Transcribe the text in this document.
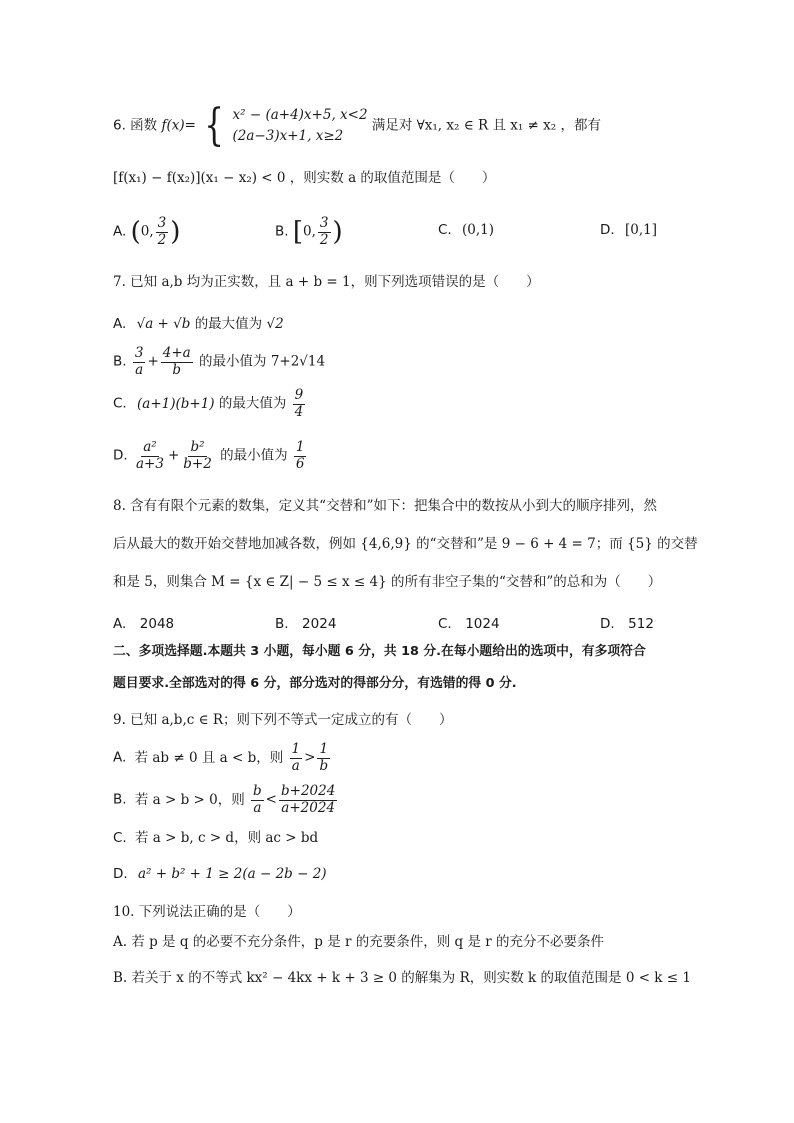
6. 函数 f(x)= { x² − (a+4)x+5, x<2
(2a−3)x+1, x≥2
满足对 ∀x₁, x₂ ∈ R 且 x₁ ≠ x₂ ，都有
[f(x₁) − f(x₂)](x₁ − x₂) < 0 ，则实数 a 的取值范围是（　　）
A. (0, $\frac{3}{2}$ )	B. [0, $\frac{3}{2}$ )	C. (0,1)	D. [0,1]
7. 已知 a,b 均为正实数，且 a + b = 1，则下列选项错误的是（　　）
A. √a + √b 的最大值为 √2
B. $\frac{3}{a} + \frac{4+a}{b}$ 的最小值为 7+2√14
C. (a+1)(b+1) 的最大值为 $\frac{9}{4}$
D. $\frac{\text{a²}}{a+3} + \frac{\text{b²}}{b+2}$ 的最小值为 $\frac{1}{6}$
8. 含有有限个元素的数集，定义其“交替和”如下：把集合中的数按从小到大的顺序排列，然
后从最大的数开始交替地加减各数，例如 {4,6,9} 的“交替和”是 9 − 6 + 4 = 7；而 {5} 的交替
和是 5，则集合 M = {x ∈ Z| − 5 ≤ x ≤ 4} 的所有非空子集的“交替和”的总和为（　　）
A.　2048	B.　2024	C.　1024	D.　512
二、多项选择题.本题共 3 小题，每小题 6 分，共 18 分.在每小题给出的选项中，有多项符合
题目要求.全部选对的得 6 分，部分选对的得部分分，有选错的得 0 分.
9. 已知 a,b,c ∈ R；则下列不等式一定成立的有（　　）
A. 若 ab ≠ 0 且 a < b，则 $\frac{1}{a} > \frac{1}{b}$
B. 若 a > b > 0，则 $\frac{b}{a} < \frac{b+2024}{a+2024}$
C. 若 a > b, c > d，则 ac > bd
D. a² + b² + 1 ≥ 2(a − 2b − 2)
10. 下列说法正确的是（　　）
A. 若 p 是 q 的必要不充分条件，p 是 r 的充要条件，则 q 是 r 的充分不必要条件
B. 若关于 x 的不等式 kx² − 4kx + k + 3 ≥ 0 的解集为 R，则实数 k 的取值范围是 0 < k ≤ 1
